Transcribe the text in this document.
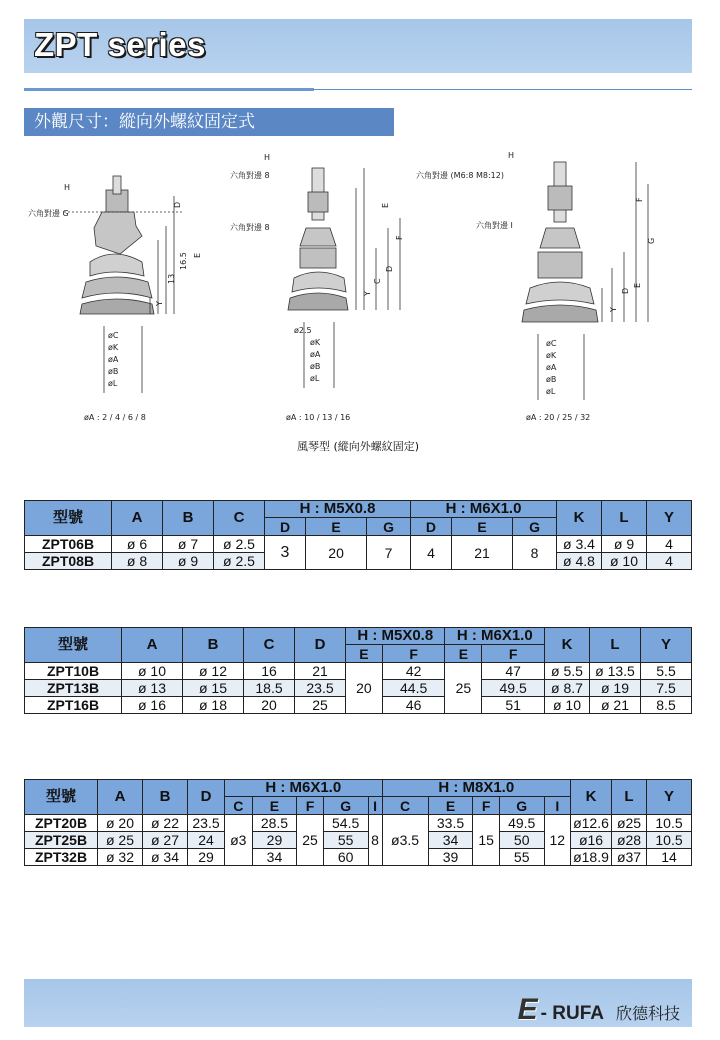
ZPT series
外觀尺寸：縱向外螺紋固定式
H
六角對邊 G
D
E
13
16.5
Y
øC
øK
øA
øB
øL
øA : 2 / 4 / 6 / 8
H
六角對邊 8
六角對邊 8
E
F
Y
C
D
ø2.5
øK
øA
øB
øL
øA : 10 / 13 / 16
H
六角對邊 (M6:8 M8:12)
六角對邊 I
F
G
D
E
Y
øC
øK
øA
øB
øL
øA : 20 / 25 / 32
風琴型 (縱向外螺紋固定)
型號	A	B	C	H : M5X0.8			H : M6X1.0			K	L	Y
				D	E	G	D	E	G			
ZPT06B	ø 6	ø 7	ø 2.5	3	20	7	4	21	8	ø 3.4	ø 9	4
ZPT08B	ø 8	ø 9	ø 2.5							ø 4.8	ø 10	4
型號	A	B	C	D	H : M5X0.8		H : M6X1.0		K	L	Y
					E	F	E	F			
ZPT10B	ø 10	ø 12	16	21	20	42	25	47	ø 5.5	ø 13.5	5.5
ZPT13B	ø 13	ø 15	18.5	23.5		44.5		49.5	ø 8.7	ø 19	7.5
ZPT16B	ø 16	ø 18	20	25		46		51	ø 10	ø 21	8.5
型號	A	B	D	H : M6X1.0					H : M8X1.0					K	L	Y
				C	E	F	G	I	C	E	F	G	I			
ZPT20B	ø 20	ø 22	23.5	ø3	28.5	25	54.5	8	ø3.5	33.5	15	49.5	12	ø12.6	ø25	10.5
ZPT25B	ø 25	ø 27	24		29		55			34		50		ø16	ø28	10.5
ZPT32B	ø 32	ø 34	29		34		60			39		55		ø18.9	ø37	14
E - RUFA 欣德科技
